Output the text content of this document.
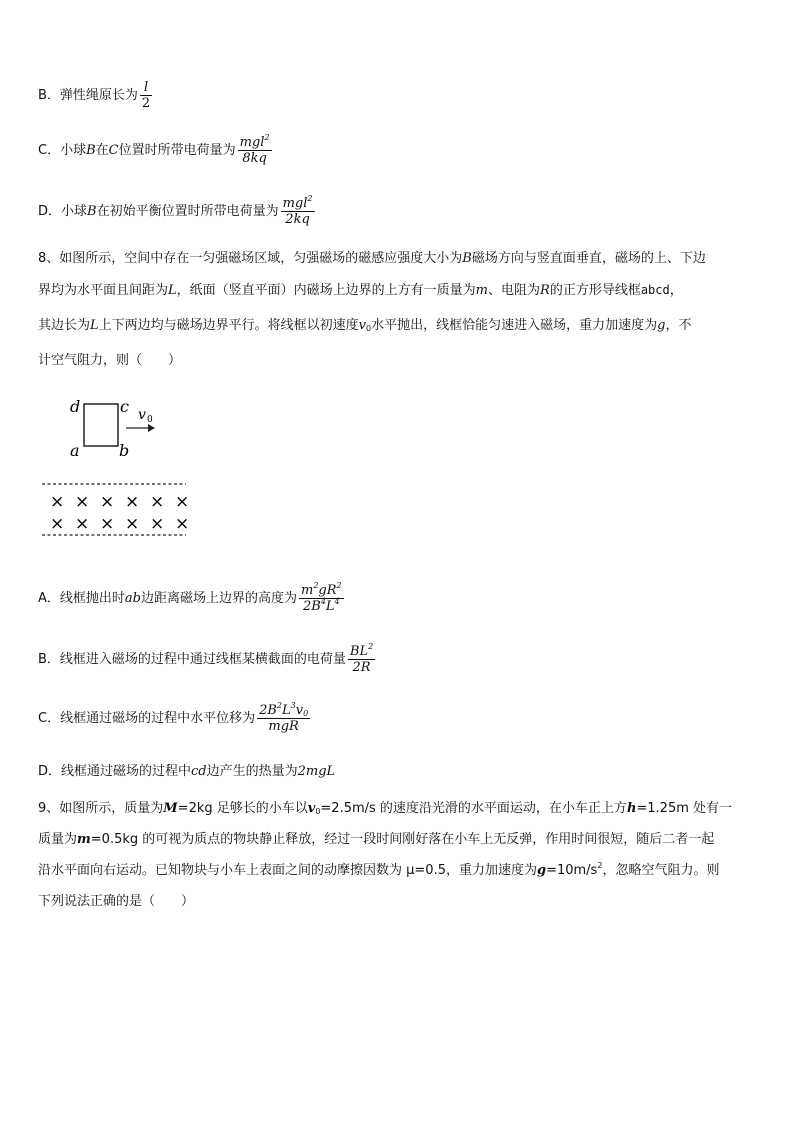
B．弹性绳原长为 $\frac{l}{2}$
C．小球B在C位置时所带电荷量为 $\frac{mgl^2}{8kq}$
D．小球B在初始平衡位置时所带电荷量为 $\frac{mgl^2}{2kq}$
8、如图所示，空间中存在一匀强磁场区域，匀强磁场的磁感应强度大小为B磁场方向与竖直面垂直，磁场的上、下边
界均为水平面且间距为L，纸面（竖直平面）内磁场上边界的上方有一质量为m、电阻为R的正方形导线框abcd，
其边长为L上下两边均与磁场边界平行。将线框以初速度$v_0$水平抛出，线框恰能匀速进入磁场，重力加速度为g，不
计空气阻力，则（　　）
d c
a b
v 0
× × × × × ×
× × × × × ×
A．线框抛出时ab边距离磁场上边界的高度为 $\frac{m^2gR^2}{2B^4L^4}$
B．线框进入磁场的过程中通过线框某横截面的电荷量 $\frac{BL^2}{2R}$
C．线框通过磁场的过程中水平位移为 $\frac{2B^2L^3v_0}{\text{mgR}}$
D．线框通过磁场的过程中cd边产生的热量为2mgL
9、如图所示，质量为M=2kg 足够长的小车以$v_0=2.5m/s$ 的速度沿光滑的水平面运动，在小车正上方h=1.25m 处有一
质量为m=0.5kg 的可视为质点的物块静止释放，经过一段时间刚好落在小车上无反弹，作用时间很短，随后二者一起
沿水平面向右运动。已知物块与小车上表面之间的动摩擦因数为 μ=0.5，重力加速度为$g=10m/s^2$，忽略空气阻力。则
下列说法正确的是（　　）
